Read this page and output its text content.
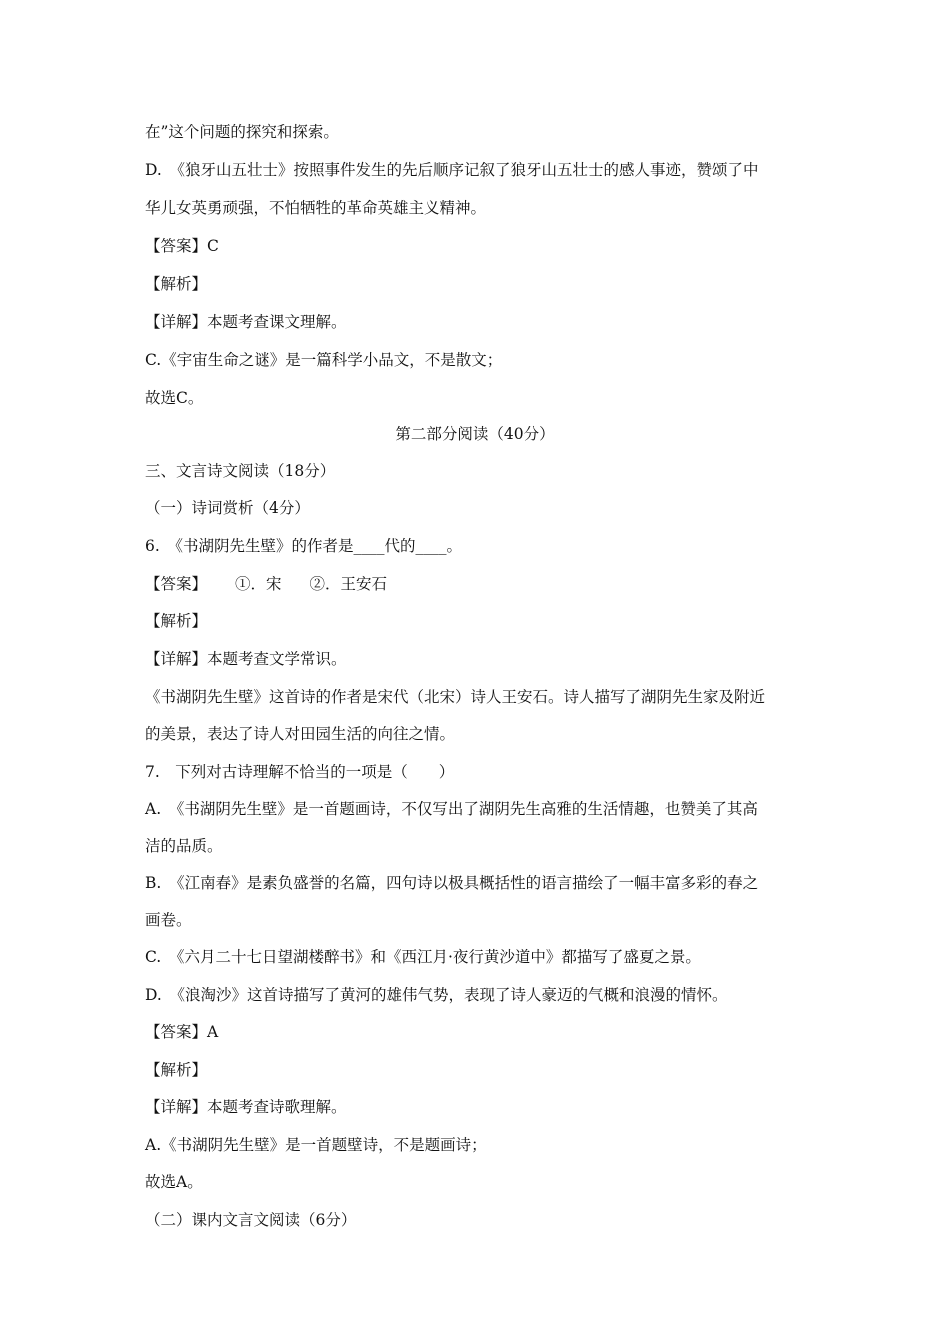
在”这个问题的探究和探索。
D.　《狼牙山五壮士》按照事件发生的先后顺序记叙了狼牙山五壮士的感人事迹，赞颂了中
华儿女英勇顽强，不怕牺牲的革命英雄主义精神。
【答案】C
【解析】
【详解】本题考查课文理解。
C.《宇宙生命之谜》是一篇科学小品文，不是散文；
故选C。
第二部分阅读（40分）
三、文言诗文阅读（18分）
（一）诗词赏析（4分）
6.　《书湖阴先生壁》的作者是____代的____。
【答案】 ①．宋 ②．王安石
【解析】
【详解】本题考查文学常识。
《书湖阴先生壁》这首诗的作者是宋代（北宋）诗人王安石。诗人描写了湖阴先生家及附近
的美景，表达了诗人对田园生活的向往之情。
7.　下列对古诗理解不恰当的一项是（　　）
A.　《书湖阴先生壁》是一首题画诗，不仅写出了湖阴先生高雅的生活情趣，也赞美了其高
洁的品质。
B.　《江南春》是素负盛誉的名篇，四句诗以极具概括性的语言描绘了一幅丰富多彩的春之
画卷。
C.　《六月二十七日望湖楼醉书》和《西江月·夜行黄沙道中》都描写了盛夏之景。
D.　《浪淘沙》这首诗描写了黄河的雄伟气势，表现了诗人豪迈的气概和浪漫的情怀。
【答案】A
【解析】
【详解】本题考查诗歌理解。
A.《书湖阴先生壁》是一首题壁诗，不是题画诗；
故选A。
（二）课内文言文阅读（6分）
